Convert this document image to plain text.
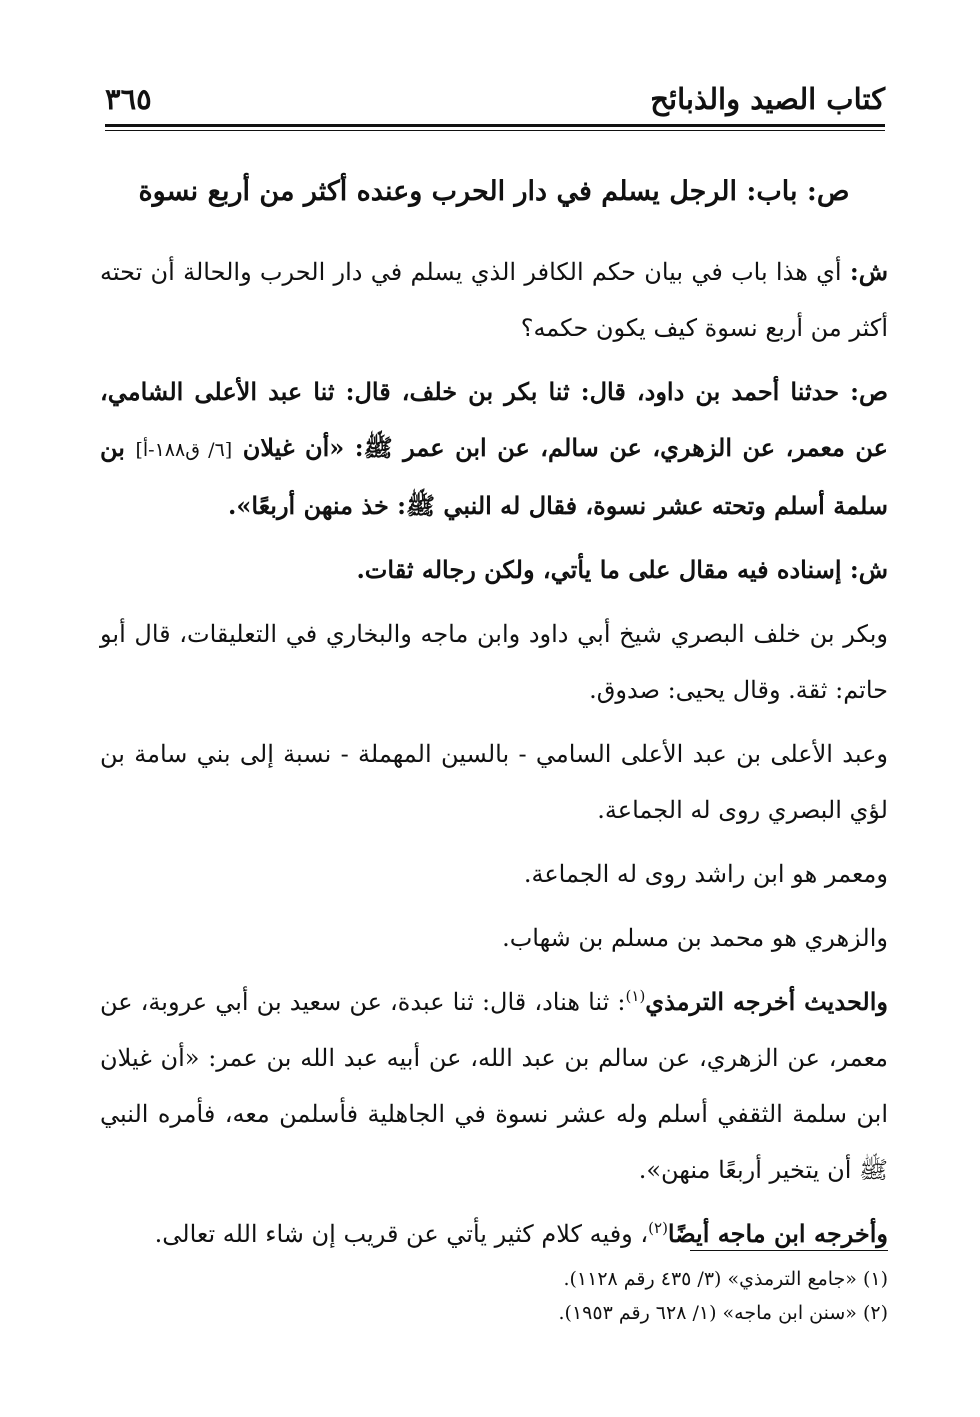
كتاب الصيد والذبائح
٣٦٥
ص: باب: الرجل يسلم في دار الحرب وعنده أكثر من أربع نسوة

ش: أي هذا باب في بيان حكم الكافر الذي يسلم في دار الحرب والحالة أن تحته أكثر من أربع نسوة كيف يكون حكمه؟

ص: حدثنا أحمد بن داود، قال: ثنا بكر بن خلف، قال: ثنا عبد الأعلى الشامي، عن معمر، عن الزهري، عن سالم، عن ابن عمر ﷺ: «أن غيلان [٦/ ق١٨٨-أ] بن سلمة أسلم وتحته عشر نسوة، فقال له النبي ﷺ: خذ منهن أربعًا».

ش: إسناده فيه مقال على ما يأتي، ولكن رجاله ثقات.

وبكر بن خلف البصري شيخ أبي داود وابن ماجه والبخاري في التعليقات، قال أبو حاتم: ثقة. وقال يحيى: صدوق.

وعبد الأعلى بن عبد الأعلى السامي - بالسين المهملة - نسبة إلى بني سامة بن لؤي البصري روى له الجماعة.

ومعمر هو ابن راشد روى له الجماعة.

والزهري هو محمد بن مسلم بن شهاب.

والحديث أخرجه الترمذي$^{(١)}$: ثنا هناد، قال: ثنا عبدة، عن سعيد بن أبي عروبة، عن معمر، عن الزهري، عن سالم بن عبد الله، عن أبيه عبد الله بن عمر: «أن غيلان ابن سلمة الثقفي أسلم وله عشر نسوة في الجاهلية فأسلمن معه، فأمره النبي ﷺ أن يتخير أربعًا منهن».

وأخرجه ابن ماجه أيضًا$^{(٢)}$، وفيه كلام كثير يأتي عن قريب إن شاء الله تعالى.

(١) «جامع الترمذي» (٣/ ٤٣٥ رقم ١١٢٨).

(٢) «سنن ابن ماجه» (١/ ٦٢٨ رقم ١٩٥٣).
